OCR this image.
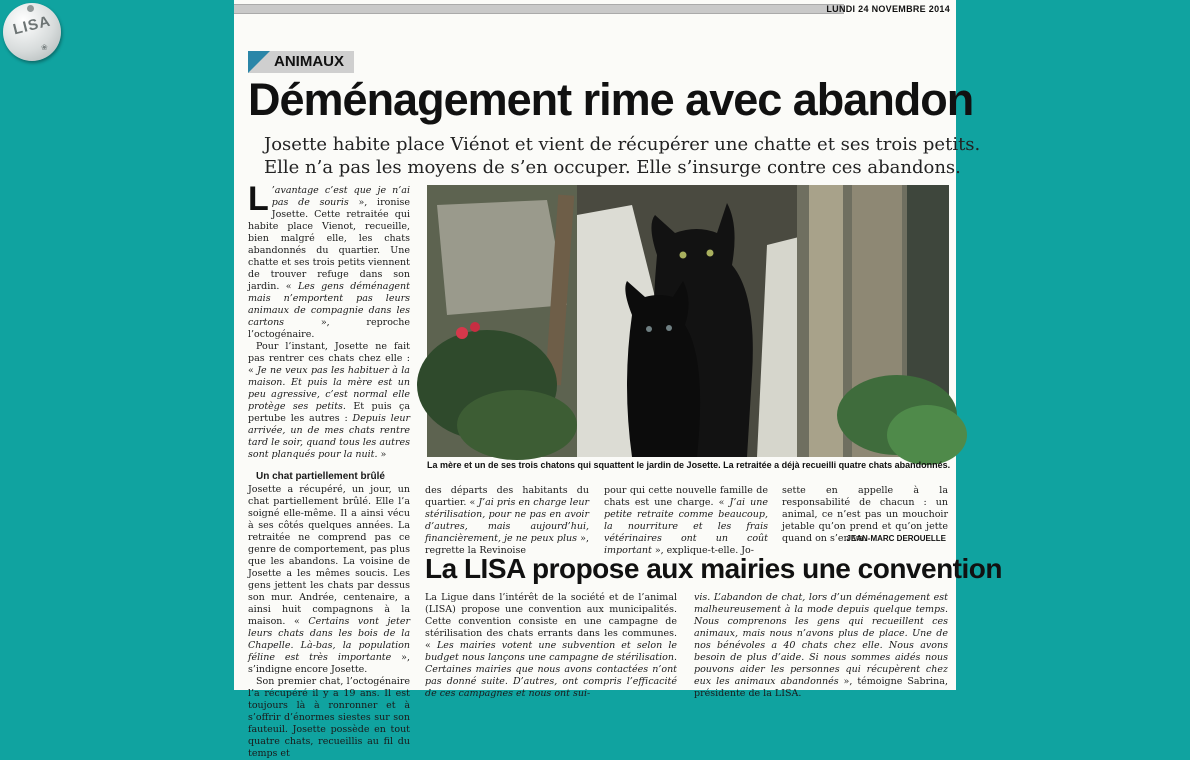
LISA
❀
LUNDI 24 NOVEMBRE 2014
ANIMAUX
Déménagement rime avec abandon
Josette habite place Viénot et vient de récupérer une chatte et ses trois petits.
Elle n’a pas les moyens de s’en occuper. Elle s’insurge contre ces abandons.

L ’avantage c’est que je n’ai pas de souris », ironise Josette. Cette retraitée qui habite place Vienot, recueille, bien malgré elle, les chats abandonnés du quartier. Une chatte et ses trois petits viennent de trouver refuge dans son jardin. « Les gens déménagent mais n’emportent pas leurs animaux de compagnie dans les cartons », reproche l’octogénaire.

Pour l’instant, Josette ne fait pas rentrer ces chats chez elle : « Je ne veux pas les habituer à la maison. Et puis la mère est un peu agressive, c’est normal elle protège ses petits. Et puis ça pertube les autres : Depuis leur arrivée, un de mes chats rentre tard le soir, quand tous les autres sont planqués pour la nuit. »

Un chat partiellement brûlé

Josette a récupéré, un jour, un chat partiellement brûlé. Elle l’a soigné elle-même. Il a ainsi vécu à ses côtés quelques années. La retraitée ne comprend pas ce genre de comportement, pas plus que les abandons. La voisine de Josette a les mêmes soucis. Les gens jettent les chats par dessus son mur. Andrée, centenaire, a ainsi huit compagnons à la maison. « Certains vont jeter leurs chats dans les bois de la Chapelle. Là-bas, la population féline est très importante », s’indigne encore Josette.

Son premier chat, l’octogénaire l’a récupéré il y a 19 ans. Il est toujours là à ronronner et à s’offrir d’énormes siestes sur son fauteuil. Josette possède en tout quatre chats, recueillis au fil du temps et

La mère et un de ses trois chatons qui squattent le jardin de Josette. La retraitée a déjà recueilli quatre chats abandonnés.

des départs des habitants du quartier. « J’ai pris en charge leur stérilisation, pour ne pas en avoir d’autres, mais aujourd’hui, financièrement, je ne peux plus », regrette la Revinoise

pour qui cette nouvelle famille de chats est une charge. « J’ai une petite retraite comme beaucoup, la nourriture et les frais vétérinaires ont un coût important », explique-t-elle. Jo-

sette en appelle à la responsabilité de chacun : un animal, ce n’est pas un mouchoir jetable qu’on prend et qu’on jette quand on s’en va.

JEAN-MARC DEROUELLE
La LISA propose aux mairies une convention

La Ligue dans l’intérêt de la société et de l’animal (LISA) propose une convention aux municipalités. Cette convention consiste en une campagne de stérilisation des chats errants dans les communes. « Les mairies votent une subvention et selon le budget nous lançons une campagne de stérilisation. Certaines mairies que nous avons contactées n’ont pas donné suite. D’autres, ont compris l’efficacité de ces campagnes et nous ont sui-

vis. L’abandon de chat, lors d’un déménagement est malheureusement à la mode depuis quelque temps. Nous comprenons les gens qui recueillent ces animaux, mais nous n’avons plus de place. Une de nos bénévoles a 40 chats chez elle. Nous avons besoin de plus d’aide. Si nous sommes aidés nous pouvons aider les personnes qui récupèrent chez eux les animaux abandonnés », témoigne Sabrina, présidente de la LISA.
